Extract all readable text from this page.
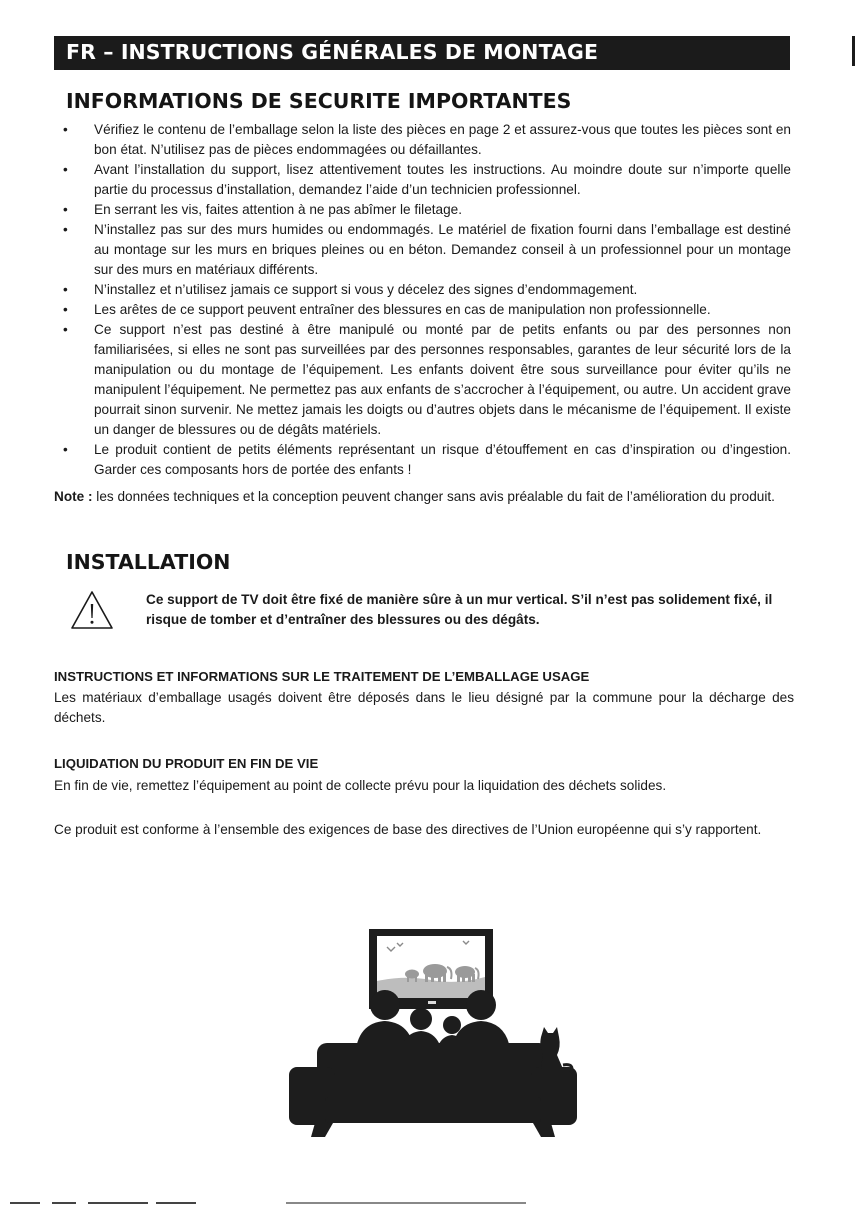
FR – INSTRUCTIONS GÉNÉRALES DE MONTAGE
INFORMATIONS DE SECURITE IMPORTANTES
• Vérifiez le contenu de l’emballage selon la liste des pièces en page 2 et assurez-vous que toutes les pièces sont en bon état. N’utilisez pas de pièces endommagées ou défaillantes.
• Avant l’installation du support, lisez attentivement toutes les instructions. Au moindre doute sur n’importe quelle partie du processus d’installation, demandez l’aide d’un technicien professionnel.
• En serrant les vis, faites attention à ne pas abîmer le filetage.
• N’installez pas sur des murs humides ou endommagés. Le matériel de fixation fourni dans l’emballage est destiné au montage sur les murs en briques pleines ou en béton. Demandez conseil à un professionnel pour un montage sur des murs en matériaux différents.
• N’installez et n’utilisez jamais ce support si vous y décelez des signes d’endommagement.
• Les arêtes de ce support peuvent entraîner des blessures en cas de manipulation non professionnelle.
• Ce support n’est pas destiné à être manipulé ou monté par de petits enfants ou par des personnes non familiarisées, si elles ne sont pas surveillées par des personnes responsables, garantes de leur sécurité lors de la manipulation ou du montage de l’équipement. Les enfants doivent être sous surveillance pour éviter qu’ils ne manipulent l’équipement. Ne permettez pas aux enfants de s’accrocher à l’équipement, ou autre. Un accident grave pourrait sinon survenir. Ne mettez jamais les doigts ou d’autres objets dans le mécanisme de l’équipement. Il existe un danger de blessures ou de dégâts matériels.
• Le produit contient de petits éléments représentant un risque d’étouffement en cas d’inspiration ou d’ingestion. Garder ces composants hors de portée des enfants !
Note : les données techniques et la conception peuvent changer sans avis préalable du fait de l’amélioration du produit.
INSTALLATION
Ce support de TV doit être fixé de manière sûre à un mur vertical. S’il n’est pas solidement fixé, il risque de tomber et d’entraîner des blessures ou des dégâts.
INSTRUCTIONS ET INFORMATIONS SUR LE TRAITEMENT DE L’EMBALLAGE USAGE
Les matériaux d’emballage usagés doivent être déposés dans le lieu désigné par la commune pour la décharge des déchets.
LIQUIDATION DU PRODUIT EN FIN DE VIE
En fin de vie, remettez l’équipement au point de collecte prévu pour la liquidation des déchets solides.
Ce produit est conforme à l’ensemble des exigences de base des directives de l’Union européenne qui s’y rapportent.
